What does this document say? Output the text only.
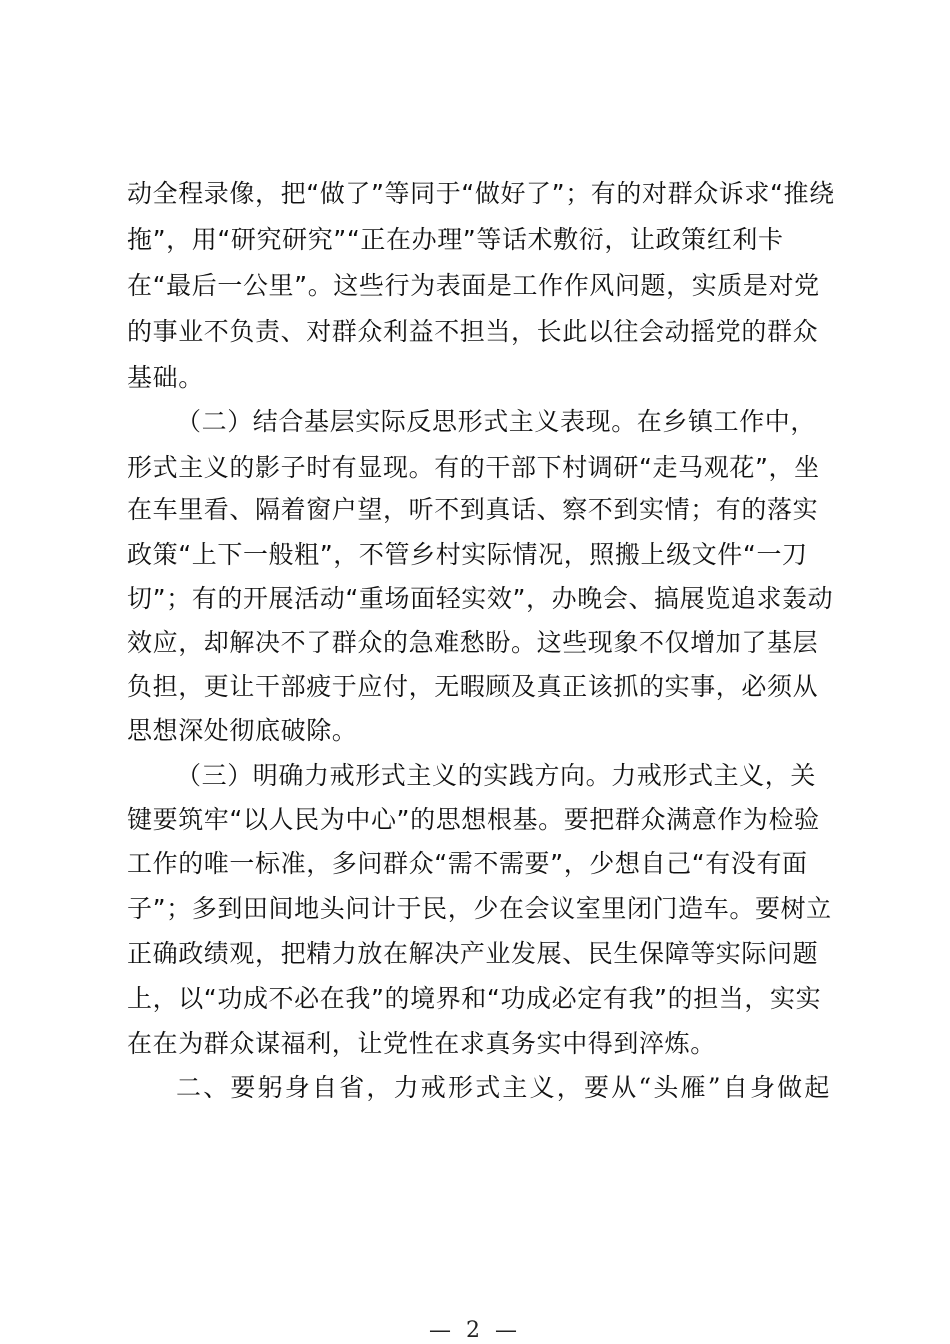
动全程录像，把“做了”等同于“做好了”；有的对群众诉求“推绕
拖”，用“研究研究”“正在办理”等话术敷衍，让政策红利卡
在“最后一公里”。这些行为表面是工作作风问题，实质是对党
的事业不负责、对群众利益不担当，长此以往会动摇党的群众
基础。
（二）结合基层实际反思形式主义表现。在乡镇工作中，
形式主义的影子时有显现。有的干部下村调研“走马观花”，坐
在车里看、隔着窗户望，听不到真话、察不到实情；有的落实
政策“上下一般粗”，不管乡村实际情况，照搬上级文件“一刀
切”；有的开展活动“重场面轻实效”，办晚会、搞展览追求轰动
效应，却解决不了群众的急难愁盼。这些现象不仅增加了基层
负担，更让干部疲于应付，无暇顾及真正该抓的实事，必须从
思想深处彻底破除。
（三）明确力戒形式主义的实践方向。力戒形式主义，关
键要筑牢“以人民为中心”的思想根基。要把群众满意作为检验
工作的唯一标准，多问群众“需不需要”，少想自己“有没有面
子”；多到田间地头问计于民，少在会议室里闭门造车。要树立
正确政绩观，把精力放在解决产业发展、民生保障等实际问题
上，以“功成不必在我”的境界和“功成必定有我”的担当，实实
在在为群众谋福利，让党性在求真务实中得到淬炼。
二、要躬身自省，力戒形式主义，要从“头雁”自身做起
— 2 —
